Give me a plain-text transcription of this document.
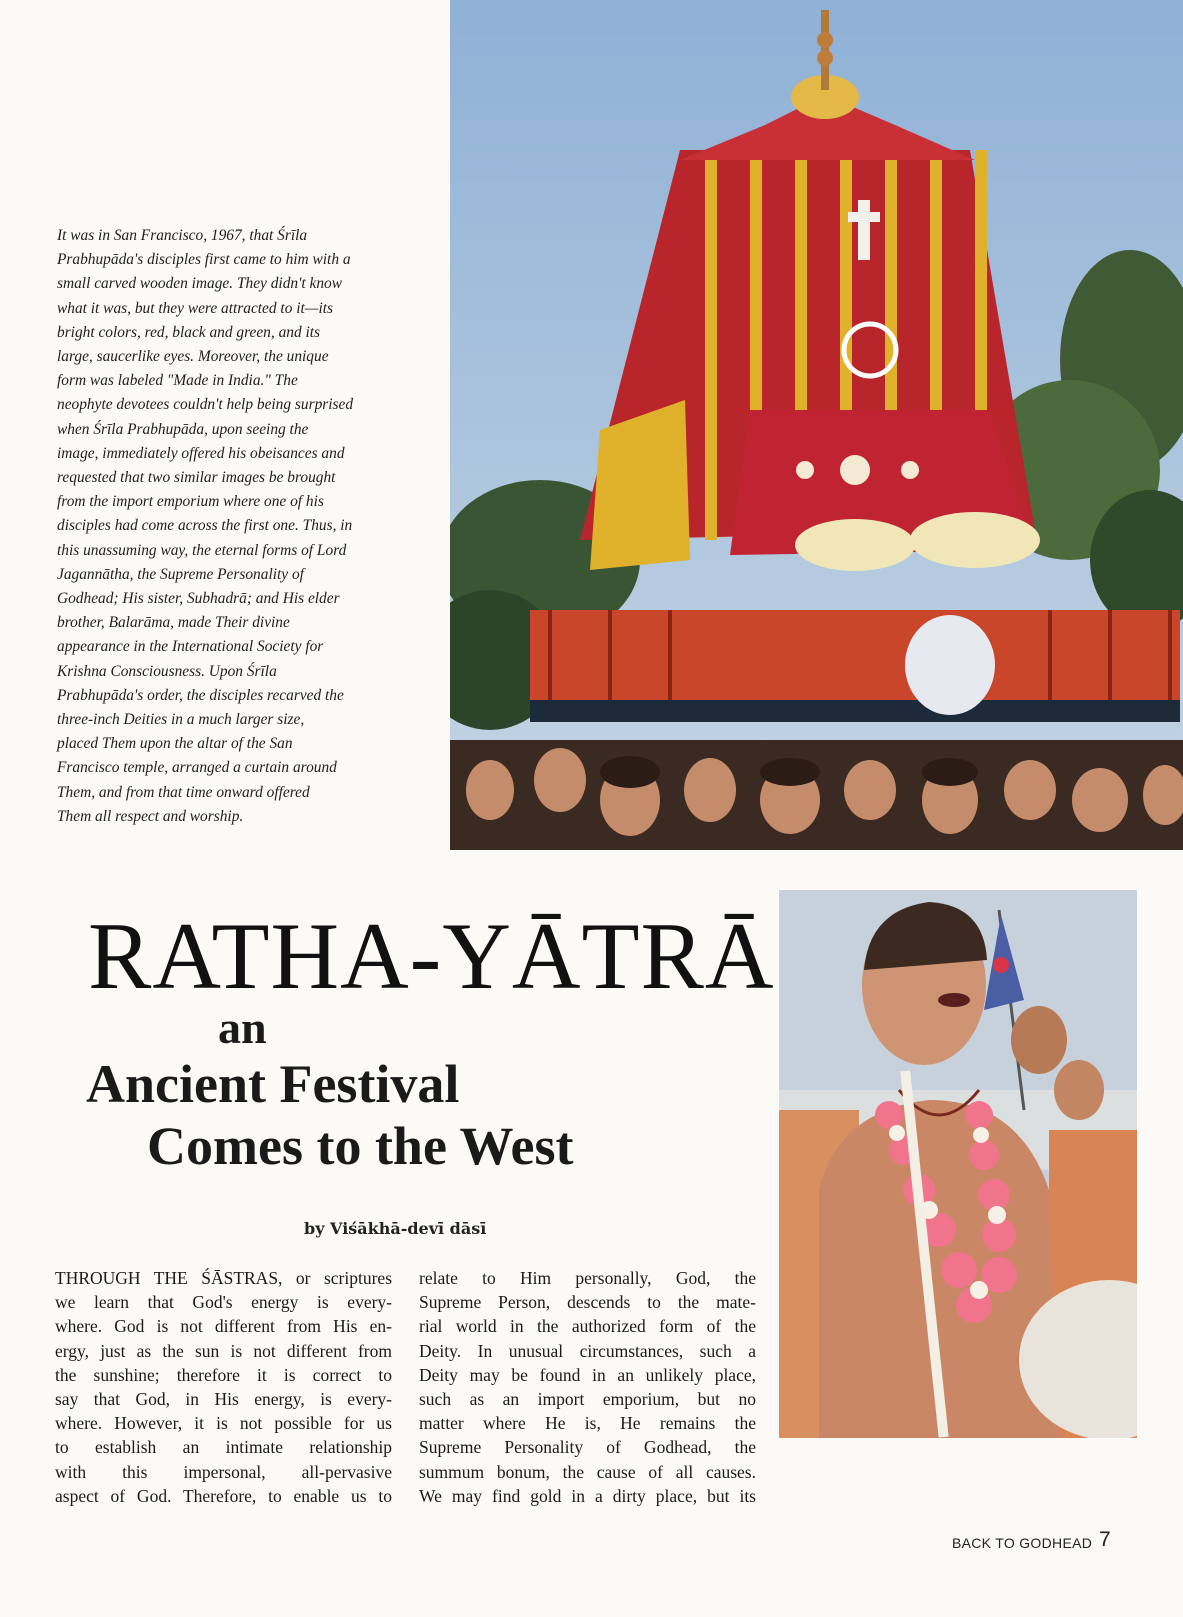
It was in San Francisco, 1967, that Śrīla
Prabhupāda's disciples first came to him with a
small carved wooden image. They didn't know
what it was, but they were attracted to it—its
bright colors, red, black and green, and its
large, saucerlike eyes. Moreover, the unique
form was labeled "Made in India." The
neophyte devotees couldn't help being surprised
when Śrīla Prabhupāda, upon seeing the
image, immediately offered his obeisances and
requested that two similar images be brought
from the import emporium where one of his
disciples had come across the first one. Thus, in
this unassuming way, the eternal forms of Lord
Jagannātha, the Supreme Personality of
Godhead; His sister, Subhadrā; and His elder
brother, Balarāma, made Their divine
appearance in the International Society for
Krishna Consciousness. Upon Śrīla
Prabhupāda's order, the disciples recarved the
three-inch Deities in a much larger size,
placed Them upon the altar of the San
Francisco temple, arranged a curtain around
Them, and from that time onward offered
Them all respect and worship.

RATHA-YĀTRĀ
an
Ancient Festival
Comes to the West

by Viśākhā-devī dāsī

THROUGH THE ŚĀSTRAS, or scriptures
we learn that God's energy is every-
where. God is not different from His en-
ergy, just as the sun is not different from
the sunshine; therefore it is correct to
say that God, in His energy, is every-
where. However, it is not possible for us
to establish an intimate relationship
with this impersonal, all-pervasive
aspect of God. Therefore, to enable us to

relate to Him personally, God, the
Supreme Person, descends to the mate-
rial world in the authorized form of the
Deity. In unusual circumstances, such a
Deity may be found in an unlikely place,
such as an import emporium, but no
matter where He is, He remains the
Supreme Personality of Godhead, the
summum bonum, the cause of all causes.
We may find gold in a dirty place, but its

BACK TO GODHEAD 7
